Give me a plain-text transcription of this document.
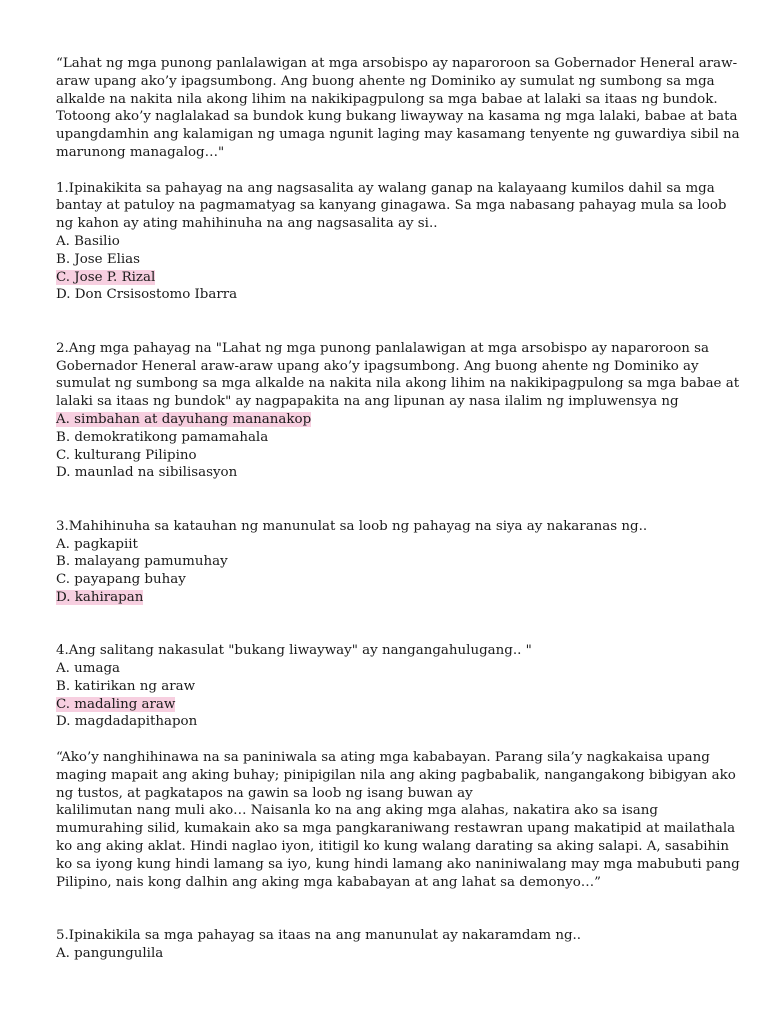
“Lahat ng mga punong panlalawigan at mga arsobispo ay naparoroon sa Gobernador Heneral araw-
araw upang ako’y ipagsumbong. Ang buong ahente ng Dominiko ay sumulat ng sumbong sa mga
alkalde na nakita nila akong lihim na nakikipagpulong sa mga babae at lalaki sa itaas ng bundok.
Totoong ako’y naglalakad sa bundok kung bukang liwayway na kasama ng mga lalaki, babae at bata
upangdamhin ang kalamigan ng umaga ngunit laging may kasamang tenyente ng guwardiya sibil na
marunong managalog…"

1.Ipinakikita sa pahayag na ang nagsasalita ay walang ganap na kalayaang kumilos dahil sa mga
bantay at patuloy na pagmamatyag sa kanyang ginagawa. Sa mga nabasang pahayag mula sa loob
ng kahon ay ating mahihinuha na ang nagsasalita ay si..
A. Basilio
B. Jose Elias
C. Jose P. Rizal
D. Don Crsisostomo Ibarra
2.Ang mga pahayag na "Lahat ng mga punong panlalawigan at mga arsobispo ay naparoroon sa
Gobernador Heneral araw-araw upang ako’y ipagsumbong. Ang buong ahente ng Dominiko ay
sumulat ng sumbong sa mga alkalde na nakita nila akong lihim na nakikipagpulong sa mga babae at
lalaki sa itaas ng bundok" ay nagpapakita na ang lipunan ay nasa ilalim ng impluwensya ng
A. simbahan at dayuhang mananakop
B. demokratikong pamamahala
C. kulturang Pilipino
D. maunlad na sibilisasyon
3.Mahihinuha sa katauhan ng manunulat sa loob ng pahayag na siya ay nakaranas ng..
A. pagkapiit
B. malayang pamumuhay
C. payapang buhay
D. kahirapan
4.Ang salitang nakasulat "bukang liwayway" ay nangangahulugang.. "
A. umaga
B. katirikan ng araw
C. madaling araw
D. magdadapithapon

“Ako’y nanghihinawa na sa paniniwala sa ating mga kababayan. Parang sila’y nagkakaisa upang
maging mapait ang aking buhay; pinipigilan nila ang aking pagbabalik, nangangakong bibigyan ako
ng tustos, at pagkatapos na gawin sa loob ng isang buwan ay
kalilimutan nang muli ako… Naisanla ko na ang aking mga alahas, nakatira ako sa isang
mumurahing silid, kumakain ako sa mga pangkaraniwang restawran upang makatipid at mailathala
ko ang aking aklat. Hindi naglao iyon, ititigil ko kung walang darating sa aking salapi. A, sasabihin
ko sa iyong kung hindi lamang sa iyo, kung hindi lamang ako naniniwalang may mga mabubuti pang
Pilipino, nais kong dalhin ang aking mga kababayan at ang lahat sa demonyo…”

5.Ipinakikila sa mga pahayag sa itaas na ang manunulat ay nakaramdam ng..
A. pangungulila
